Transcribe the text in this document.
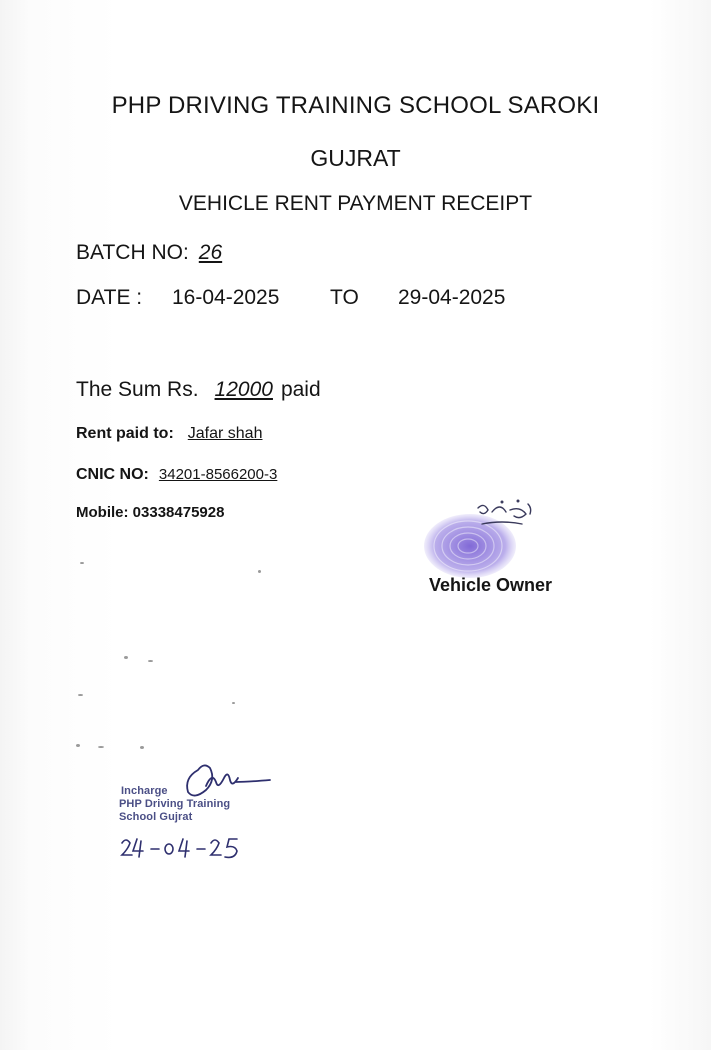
PHP DRIVING TRAINING SCHOOL SAROKI
GUJRAT
VEHICLE RENT PAYMENT RECEIPT
BATCH NO: 26
DATE : 16-04-2025 TO 29-04-2025
The Sum Rs. 12000 paid
Rent paid to: Jafar shah
CNIC NO: 34201-8566200-3
Mobile: 03338475928
Vehicle Owner
Incharge
PHP Driving Training
School Gujrat
